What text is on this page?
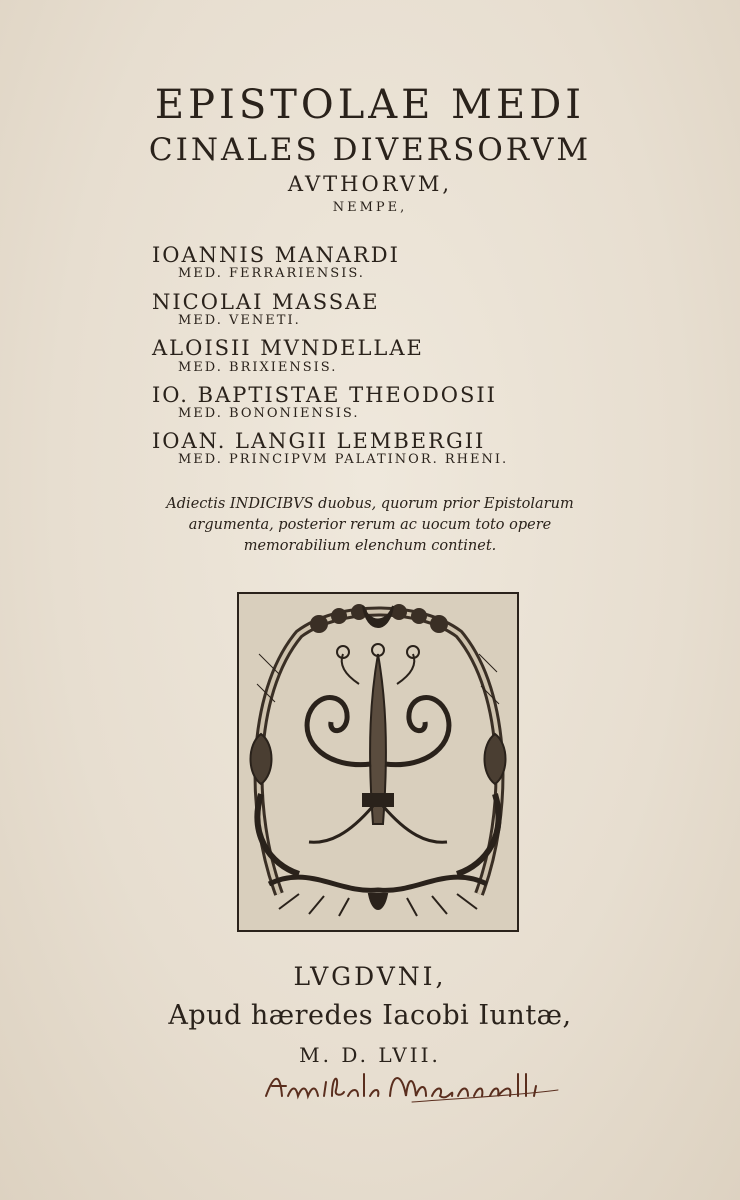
EPISTOLAE MEDI
CINALES DIVERSORVM
AVTHORVM,
NEMPE,
IOANNIS MANARDI
MED. FERRARIENSIS.
NICOLAI MASSAE
MED. VENETI.
ALOISII MVNDELLAE
MED. BRIXIENSIS.
IO. BAPTISTAE THEODOSII
MED. BONONIENSIS.
IOAN. LANGII LEMBERGII
MED. PRINCIPVM PALATINOR. RHENI.
Adiectis INDICIBVS duobus, quorum prior Epistolarum
argumenta, posterior rerum ac uocum toto opere
memorabilium elenchum continet.
LVGDVNI,
Apud hæredes Iacobi Iuntæ,
M. D. LVII.
